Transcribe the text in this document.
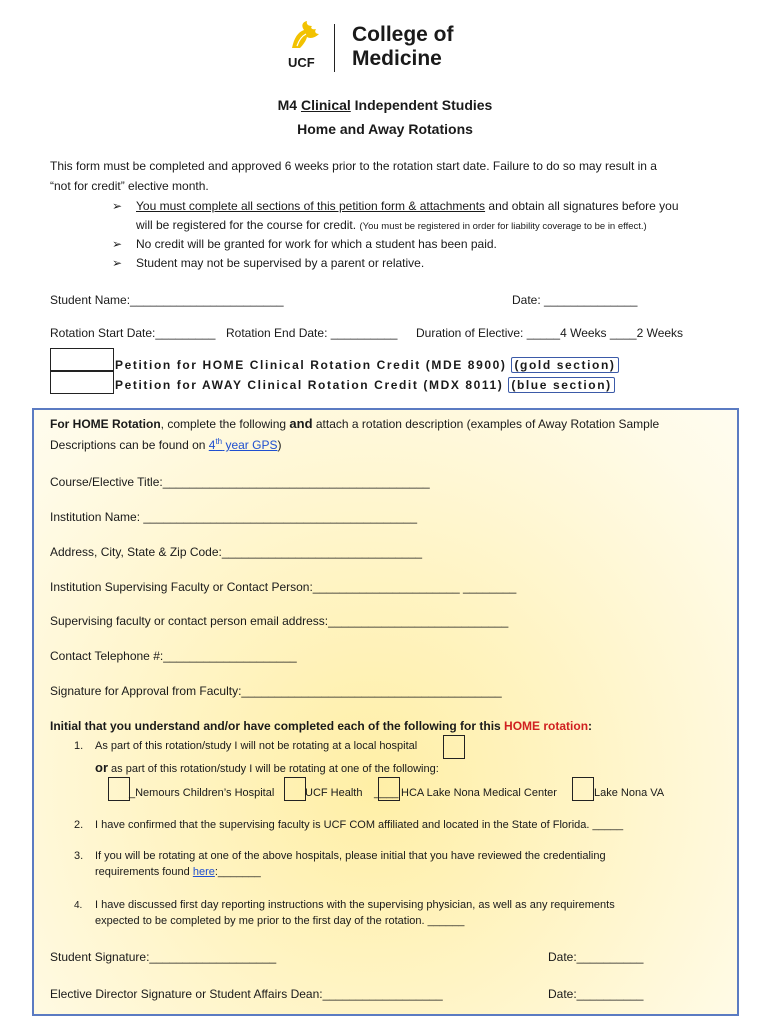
UCF
College of
Medicine
M4 Clinical Independent Studies
Home and Away Rotations
This form must be completed and approved 6 weeks prior to the rotation start date. Failure to do so may result in a
“not for credit” elective month.
➢ You must complete all sections of this petition form & attachments and obtain all signatures before you
will be registered for the course for credit. (You must be registered in order for liability coverage to be in effect.)
➢ No credit will be granted for work for which a student has been paid.
➢ Student may not be supervised by a parent or relative.
Student Name:_______________________	Date: ______________
Rotation Start Date:_________ Rotation End Date: __________ Duration of Elective: _____4 Weeks ____2 Weeks
Petition for HOME Clinical Rotation Credit (MDE 8900) (gold section)
Petition for AWAY Clinical Rotation Credit (MDX 8011) (blue section)
For HOME Rotation, complete the following and attach a rotation description (examples of Away Rotation Sample
Descriptions can be found on 4th year GPS)
Course/Elective Title:________________________________________
Institution Name: _________________________________________
Address, City, State & Zip Code:______________________________
Institution Supervising Faculty or Contact Person:______________________ ________
Supervising faculty or contact person email address:___________________________
Contact Telephone #:____________________
Signature for Approval from Faculty:_______________________________________
Initial that you understand and/or have completed each of the following for this HOME rotation:
1. As part of this rotation/study I will not be rotating at a local hospital
or as part of this rotation/study I will be rotating at one of the following:
_Nemours Children’s Hospital	UCF Health ____ HCA Lake Nona Medical Center	Lake Nona VA
2. I have confirmed that the supervising faculty is UCF COM affiliated and located in the State of Florida. _____
3. If you will be rotating at one of the above hospitals, please initial that you have reviewed the credentialing
requirements found here:_______
4. I have discussed first day reporting instructions with the supervising physician, as well as any requirements
expected to be completed by me prior to the first day of the rotation. ______
Student Signature:___________________	Date:__________
Elective Director Signature or Student Affairs Dean:__________________	Date:__________
